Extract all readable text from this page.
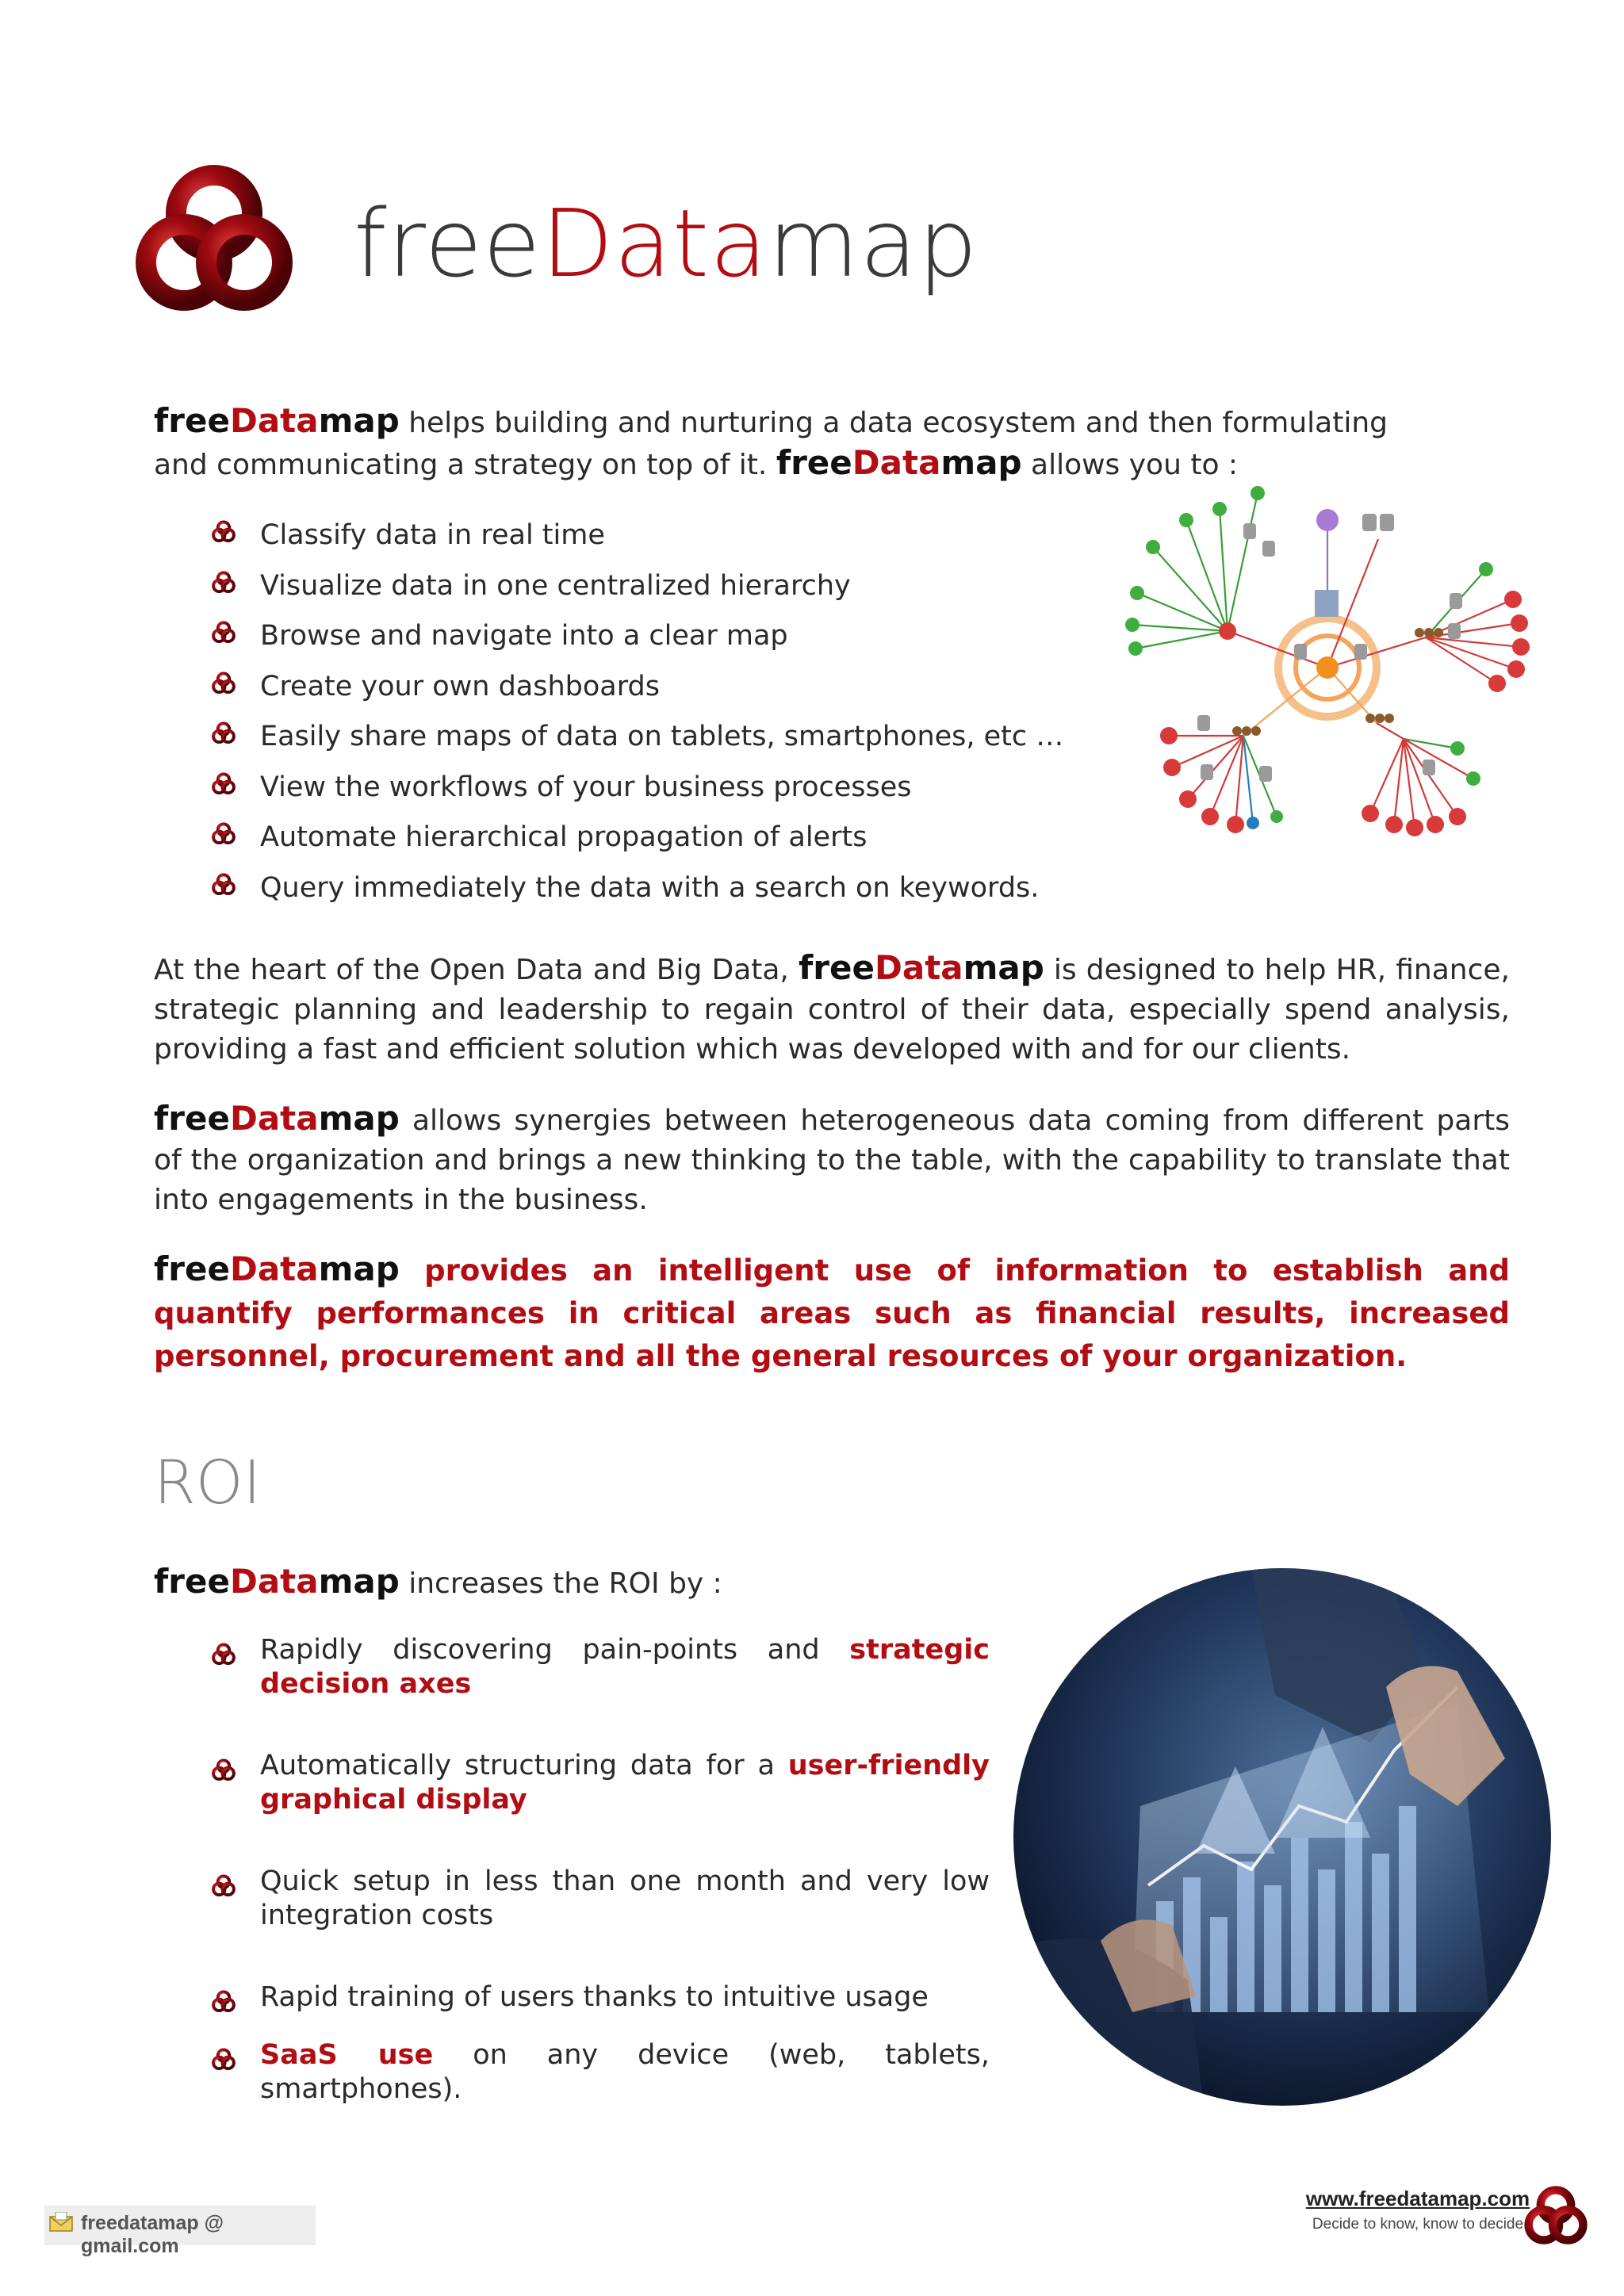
freeDatamap
freeDatamap helps building and nurturing a data ecosystem and then formulating and communicating a strategy on top of it. freeDatamap allows you to :
Classify data in real time
Visualize data in one centralized hierarchy
Browse and navigate into a clear map
Create your own dashboards
Easily share maps of data on tablets, smartphones, etc …
View the workflows of your business processes
Automate hierarchical propagation of alerts
Query immediately the data with a search on keywords.
At the heart of the Open Data and Big Data, freeDatamap is designed to help HR, finance, strategic planning and leadership to regain control of their data, especially spend analysis, providing a fast and efficient solution which was developed with and for our clients.
freeDatamap allows synergies between heterogeneous data coming from different parts of the organization and brings a new thinking to the table, with the capability to translate that into engagements in the business.
freeDatamap provides an intelligent use of information to establish and quantify performances in critical areas such as financial results, increased personnel, procurement and all the general resources of your organization.
ROI
freeDatamap increases the ROI by :
Rapidly discovering pain-points and strategic decision axes
Automatically structuring data for a user-friendly graphical display
Quick setup in less than one month and very low integration costs
Rapid training of users thanks to intuitive usage
SaaS use on any device (web, tablets, smartphones).
freedatamap @ gmail.com
www.freedatamap.com
Decide to know, know to decide
